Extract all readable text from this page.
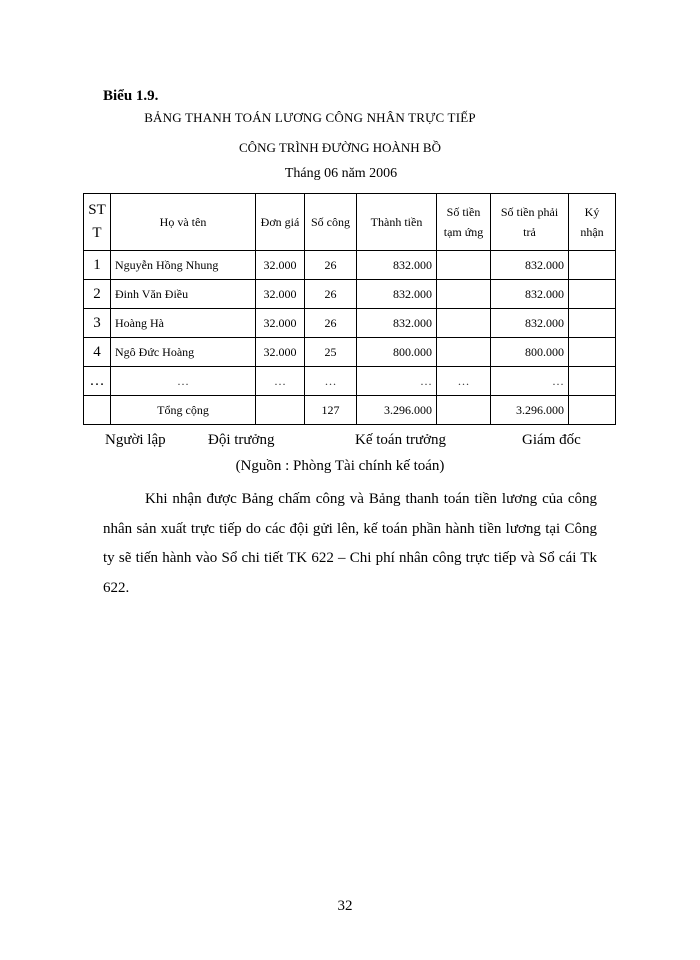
Biểu 1.9.
BẢNG THANH TOÁN LƯƠNG CÔNG NHÂN TRỰC TIẾP
CÔNG TRÌNH ĐƯỜNG HOÀNH BỒ
Tháng 06 năm 2006
ST T	Họ và tên	Đơn giá	Số công	Thành tiền	Số tiền tạm ứng	Số tiền phải trả	Ký nhận
1	Nguyễn Hồng Nhung	32.000	26	832.000		832.000	
2	Đinh Văn Điều	32.000	26	832.000		832.000	
3	Hoàng Hà	32.000	26	832.000		832.000	
4	Ngô Đức Hoàng	32.000	25	800.000		800.000	
…	…	…	…	…	…	…	
	Tổng cộng		127	3.296.000		3.296.000	
Người lập	Đội trưởng	Kế toán trưởng	Giám đốc
(Nguồn : Phòng Tài chính kế toán)

Khi nhận được Bảng chấm công và Bảng thanh toán tiền lương của công nhân sản xuất trực tiếp do các đội gửi lên, kế toán phần hành tiền lương tại Công ty sẽ tiến hành vào Sổ chi tiết TK 622 – Chi phí nhân công trực tiếp và Sổ cái Tk 622.

32
